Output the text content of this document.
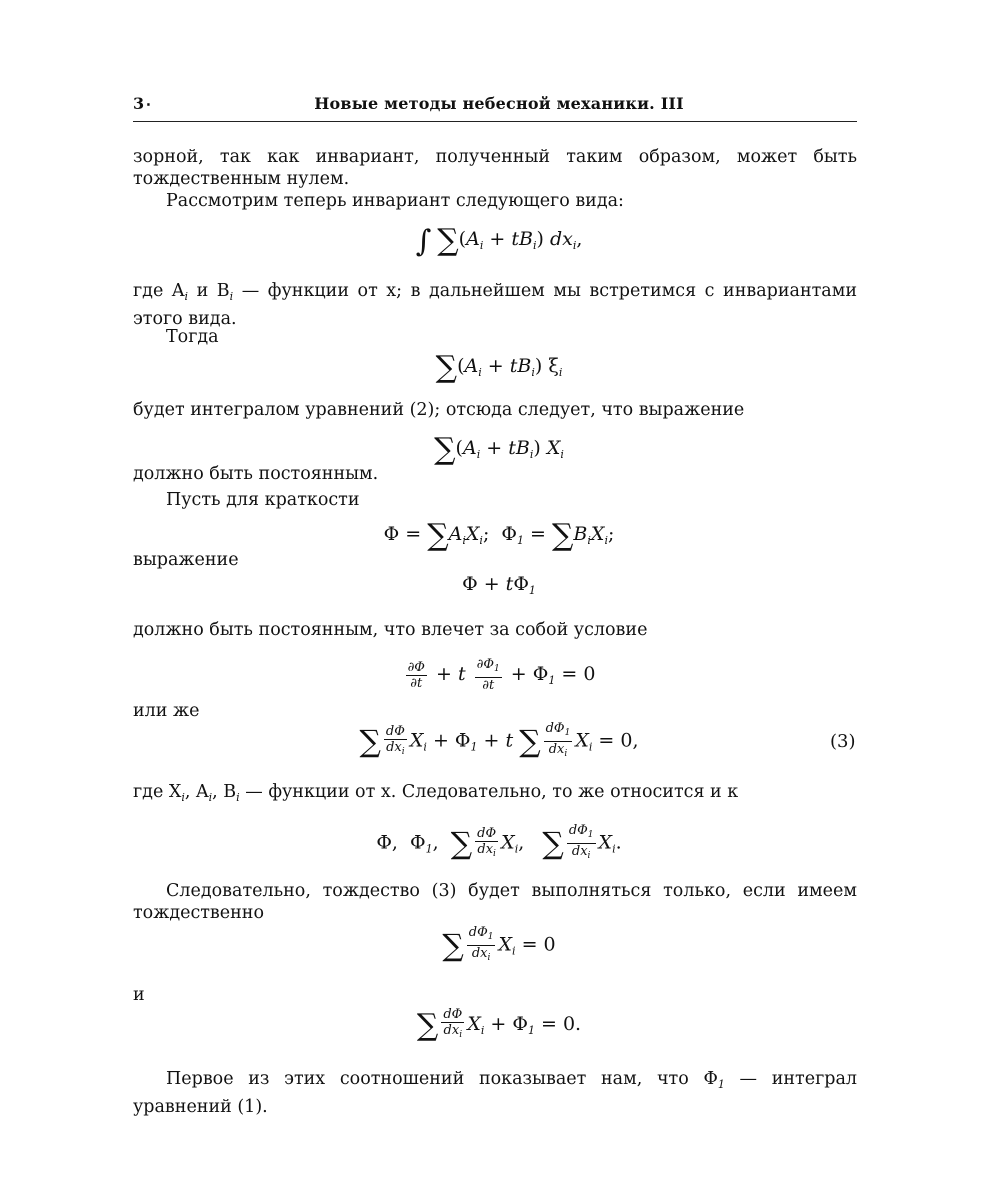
3٠	Новые методы небесной механики. III
зорной, так как инвариант, полученный таким образом, может быть тождественным нулем.
Рассмотрим теперь инвариант следующего вида:
∫ $\sum(A_i + tB_i)$ $dx_i$,
где $A_i$ и $B_i$ — функции от x; в дальнейшем мы встретимся с инвариантами этого вида.
Тогда
$\sum(A_i + tB_i)$ $\xi_i$
будет интегралом уравнений (2); отсюда следует, что выражение
$\sum(A_i + tB_i)$ $X_i$
должно быть постоянным.
Пусть для краткости
$\Phi = \sum A_iX_i$;  $\Phi_1 = \sum B_iX_i$;
выражение
$\Phi + t\Phi_1$
должно быть постоянным, что влечет за собой условие
$\frac{\partial\Phi}{\partial t} + t \frac{\partial\Phi_1}{\partial t} + \Phi_1 = 0$
или же
∑ $\frac{d\Phi}{dx_i} X_i + \Phi_1 + t$ ∑ $\frac{d\Phi_1}{dx_i} X_i = 0$,	(3)
где $X_i$, $A_i$, $B_i$ — функции от x. Следовательно, то же относится и к
Φ,  $\Phi_1$,  ∑ $\frac{d\Phi}{dx_i} X_i$,   ∑ $\frac{d\Phi_1}{dx_i} X_i$.
Следовательно, тождество (3) будет выполняться только, если имеем тождественно
∑ $\frac{d\Phi_1}{dx_i} X_i = 0$
и
∑ $\frac{d\Phi}{dx_i} X_i + \Phi_1 = 0$.
Первое из этих соотношений показывает нам, что $\Phi_1$ — интеграл уравнений (1).
